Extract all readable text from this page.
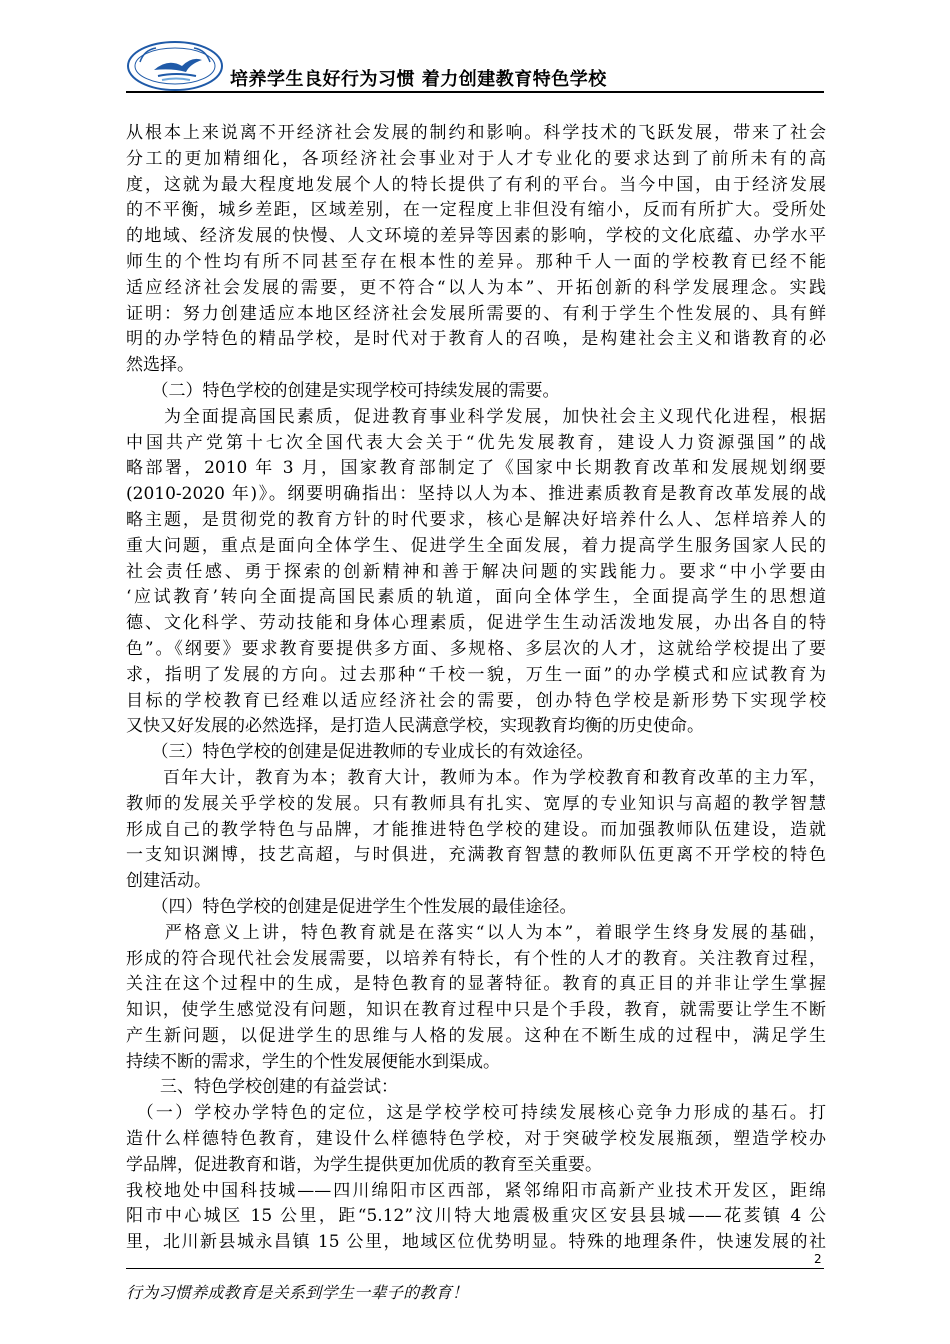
培养学生良好行为习惯 着力创建教育特色学校
从根本上来说离不开经济社会发展的制约和影响。科学技术的飞跃发展，带来了社会
分工的更加精细化，各项经济社会事业对于人才专业化的要求达到了前所未有的高
度，这就为最大程度地发展个人的特长提供了有利的平台。当今中国，由于经济发展
的不平衡，城乡差距，区域差别，在一定程度上非但没有缩小，反而有所扩大。受所处
的地域、经济发展的快慢、人文环境的差异等因素的影响，学校的文化底蕴、办学水平
师生的个性均有所不同甚至存在根本性的差异。那种千人一面的学校教育已经不能
适应经济社会发展的需要，更不符合“以人为本”、开拓创新的科学发展理念。实践
证明：努力创建适应本地区经济社会发展所需要的、有利于学生个性发展的、具有鲜
明的办学特色的精品学校，是时代对于教育人的召唤，是构建社会主义和谐教育的必
然选择。
　　（二）特色学校的创建是实现学校可持续发展的需要。
　　为全面提高国民素质，促进教育事业科学发展，加快社会主义现代化进程，根据
中国共产党第十七次全国代表大会关于“优先发展教育，建设人力资源强国”的战
略部署，2010 年 3 月，国家教育部制定了《国家中长期教育改革和发展规划纲要
(2010-2020 年)》。纲要明确指出：坚持以人为本、推进素质教育是教育改革发展的战
略主题，是贯彻党的教育方针的时代要求，核心是解决好培养什么人、怎样培养人的
重大问题，重点是面向全体学生、促进学生全面发展，着力提高学生服务国家人民的
社会责任感、勇于探索的创新精神和善于解决问题的实践能力。要求“中小学要由
‘应试教育’转向全面提高国民素质的轨道，面向全体学生，全面提高学生的思想道
德、文化科学、劳动技能和身体心理素质，促进学生生动活泼地发展，办出各自的特
色”。《纲要》要求教育要提供多方面、多规格、多层次的人才，这就给学校提出了要
求，指明了发展的方向。过去那种“千校一貌，万生一面”的办学模式和应试教育为
目标的学校教育已经难以适应经济社会的需要，创办特色学校是新形势下实现学校
又快又好发展的必然选择，是打造人民满意学校，实现教育均衡的历史使命。
　　（三）特色学校的创建是促进教师的专业成长的有效途径。
　　百年大计，教育为本；教育大计，教师为本。作为学校教育和教育改革的主力军，
教师的发展关乎学校的发展。只有教师具有扎实、宽厚的专业知识与高超的教学智慧
形成自己的教学特色与品牌，才能推进特色学校的建设。而加强教师队伍建设，造就
一支知识渊博，技艺高超，与时俱进，充满教育智慧的教师队伍更离不开学校的特色
创建活动。
　　（四）特色学校的创建是促进学生个性发展的最佳途径。
　　严格意义上讲，特色教育就是在落实“以人为本”，着眼学生终身发展的基础，
形成的符合现代社会发展需要，以培养有特长，有个性的人才的教育。关注教育过程，
关注在这个过程中的生成，是特色教育的显著特征。教育的真正目的并非让学生掌握
知识，使学生感觉没有问题，知识在教育过程中只是个手段，教育，就需要让学生不断
产生新问题，以促进学生的思维与人格的发展。这种在不断生成的过程中，满足学生
持续不断的需求，学生的个性发展便能水到渠成。
　　三、特色学校创建的有益尝试：
　（一）学校办学特色的定位，这是学校学校可持续发展核心竞争力形成的基石。打
造什么样德特色教育，建设什么样德特色学校，对于突破学校发展瓶颈，塑造学校办
学品牌，促进教育和谐，为学生提供更加优质的教育至关重要。
我校地处中国科技城——四川绵阳市区西部，紧邻绵阳市高新产业技术开发区，距绵
阳市中心城区 15 公里，距“5.12”汶川特大地震极重灾区安县县城——花荄镇 4 公
里，北川新县城永昌镇 15 公里，地域区位优势明显。特殊的地理条件，快速发展的社
2
行为习惯养成教育是关系到学生一辈子的教育！
